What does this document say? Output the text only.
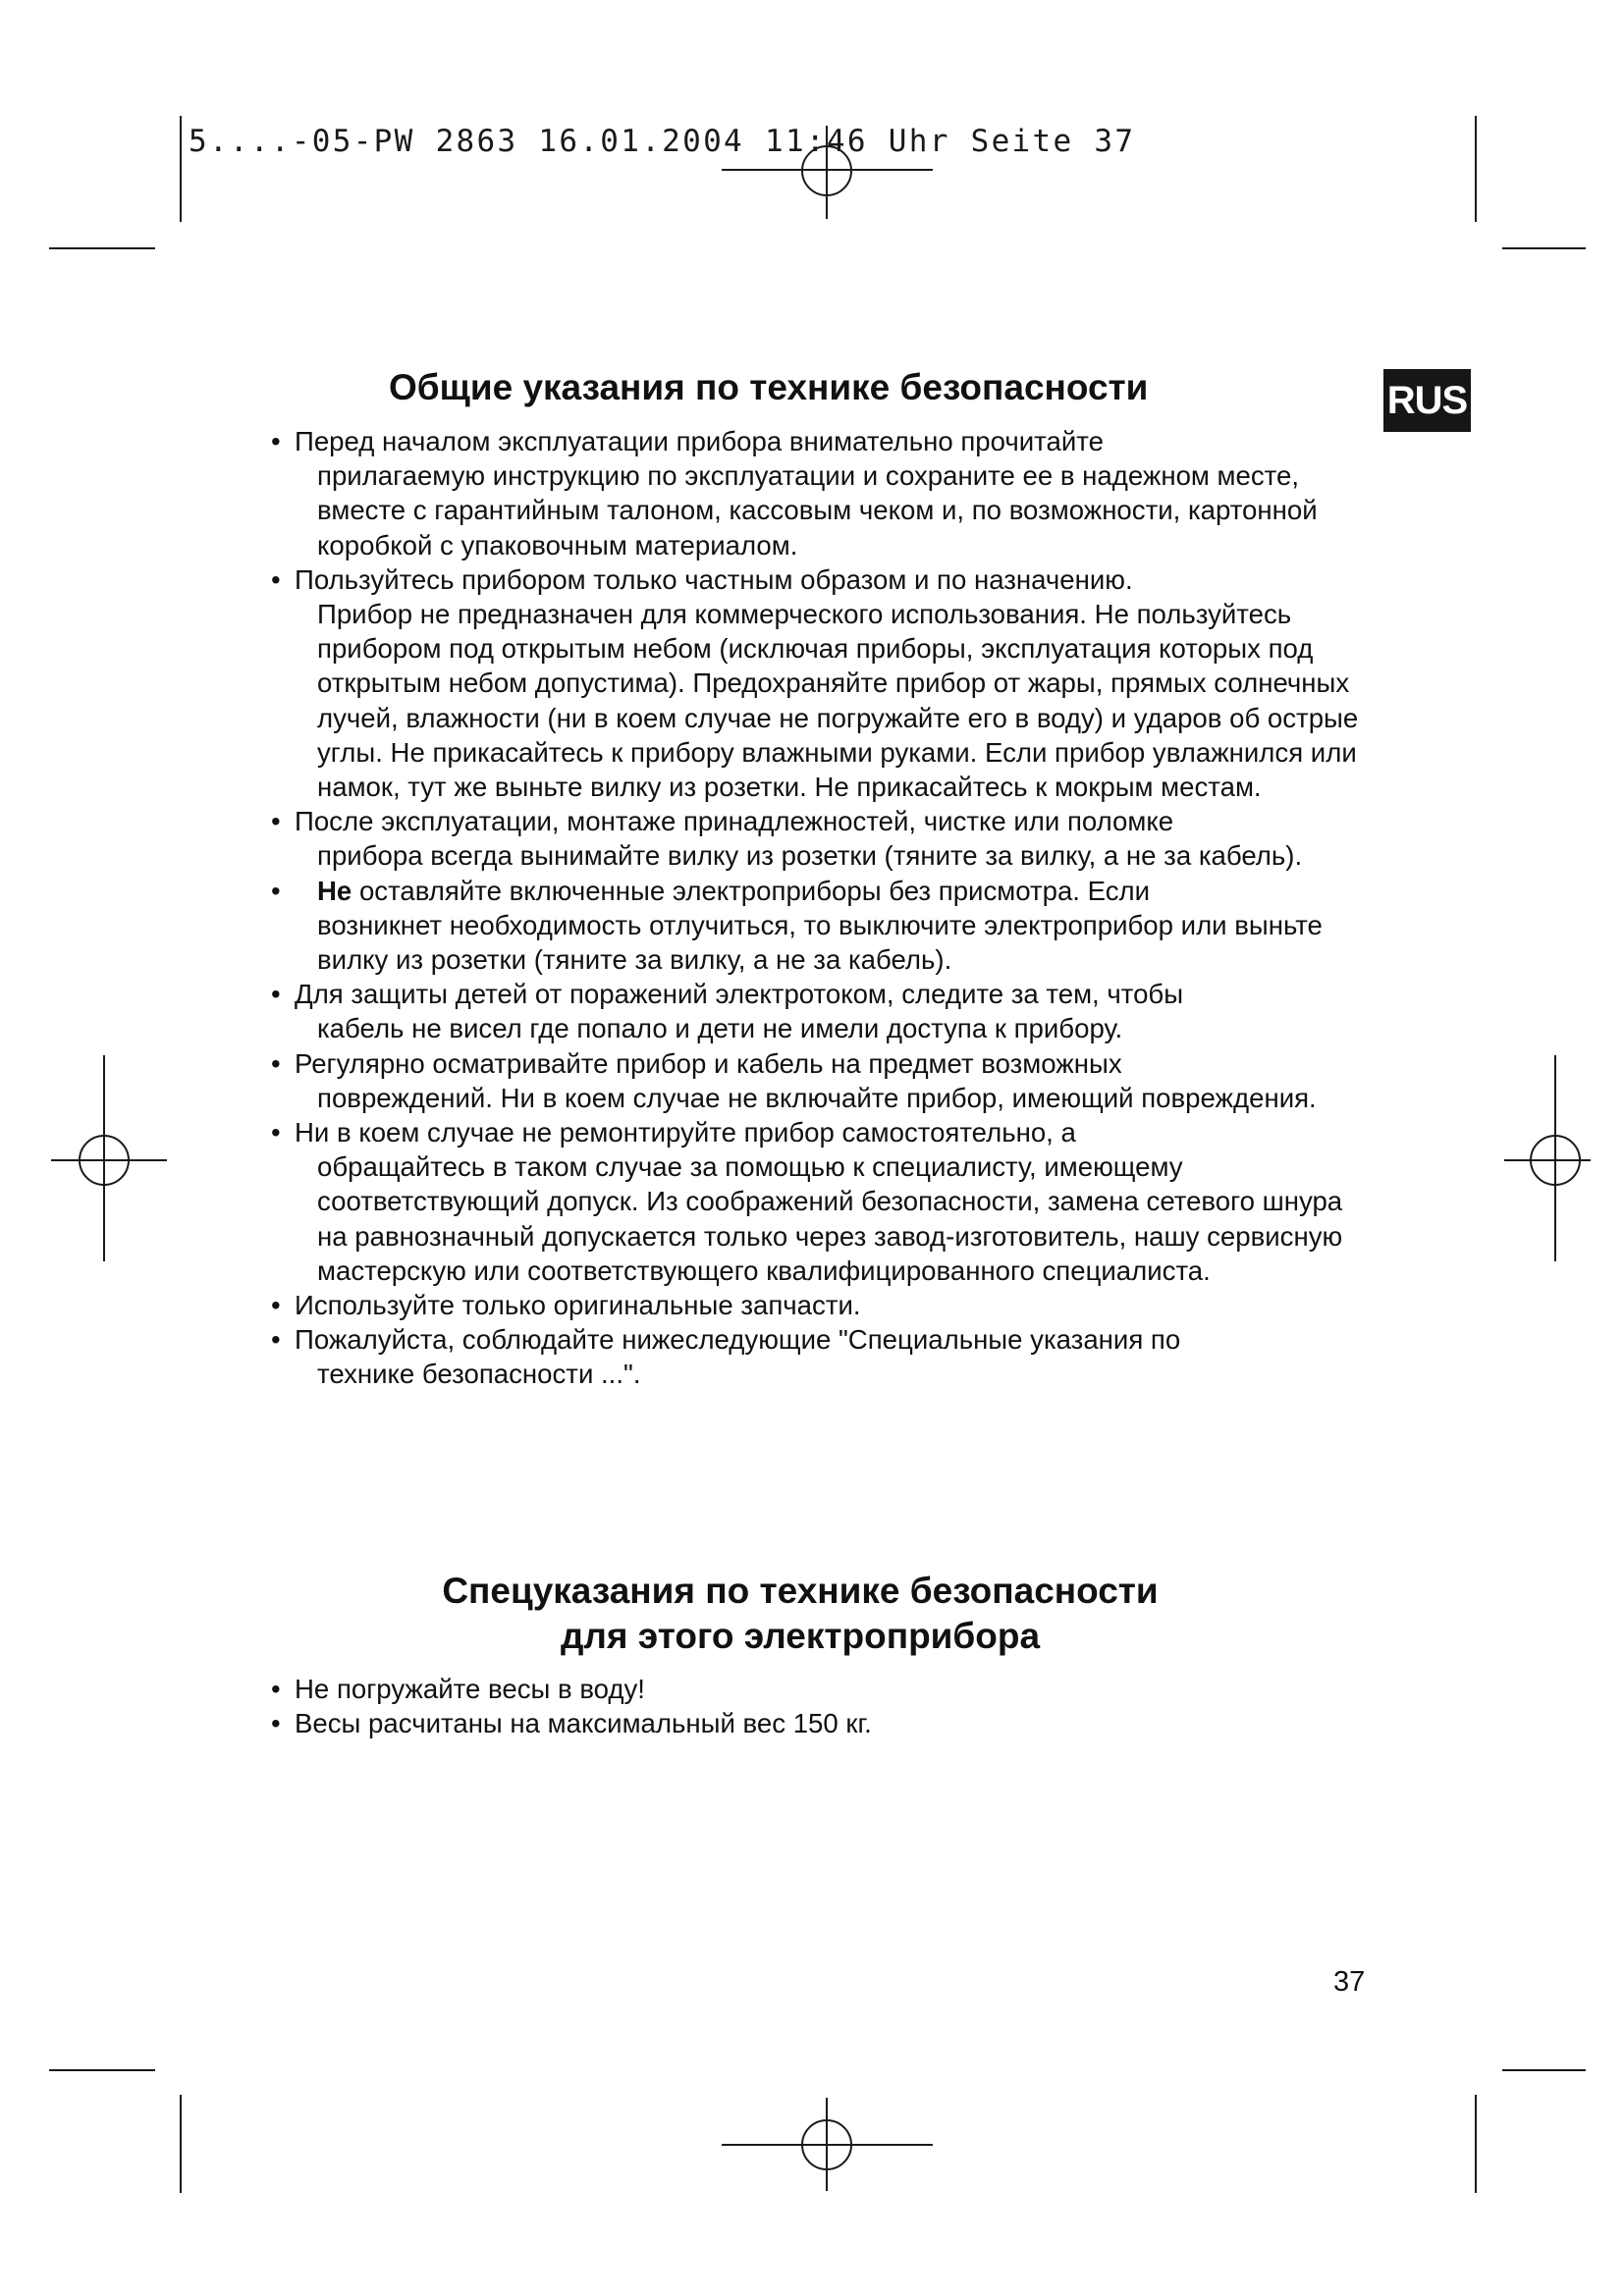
5....-05-PW 2863 16.01.2004 11:46 Uhr Seite 37
RUS
Общие указания по технике безопасности
• Перед началом эксплуатации прибора внимательно прочитайте
прилагаемую инструкцию по эксплуатации и сохраните ее в надежном месте, вместе с гарантийным талоном, кассовым чеком и, по возможности, картонной коробкой с упаковочным материалом.
• Пользуйтесь прибором только частным образом и по назначению.
Прибор не предназначен для коммерческого использования. Не пользуйтесь прибором под открытым небом (исключая приборы, эксплуатация которых под открытым небом допустима). Предохраняйте прибор от жары, прямых солнечных лучей, влажности (ни в коем случае не погружайте его в воду) и ударов об острые углы. Не прикасайтесь к прибору влажными руками. Если прибор увлажнился или намок, тут же выньте вилку из розетки. Не прикасайтесь к мокрым местам.
• После эксплуатации, монтаже принадлежностей, чистке или поломке
прибора всегда вынимайте вилку из розетки (тяните за вилку, а не за кабель).
•	Не оставляйте включенные электроприборы без присмотра. Если
возникнет необходимость отлучиться, то выключите электроприбор или выньте вилку из розетки (тяните за вилку, а не за кабель).
• Для защиты детей от поражений электротоком, следите за тем, чтобы
кабель не висел где попало и дети не имели доступа к прибору.
• Регулярно осматривайте прибор и кабель на предмет возможных
повреждений. Ни в коем случае не включайте прибор, имеющий повреждения.
• Ни в коем случае не ремонтируйте прибор самостоятельно, а
обращайтесь в таком случае за помощью к специалисту, имеющему соответствующий допуск. Из соображений безопасности, замена сетевого шнура на равнозначный допускается только через завод-изготовитель, нашу сервисную мастерскую или соответствующего квалифицированного специалиста.
• Используйте только оригинальные запчасти.
• Пожалуйста, соблюдайте нижеследующие "Специальные указания по
технике безопасности ...".
Спецуказания по технике безопасности
для этого электроприбора
• Не погружайте весы в воду!
• Весы расчитаны на максимальный вес 150 кг.
37
